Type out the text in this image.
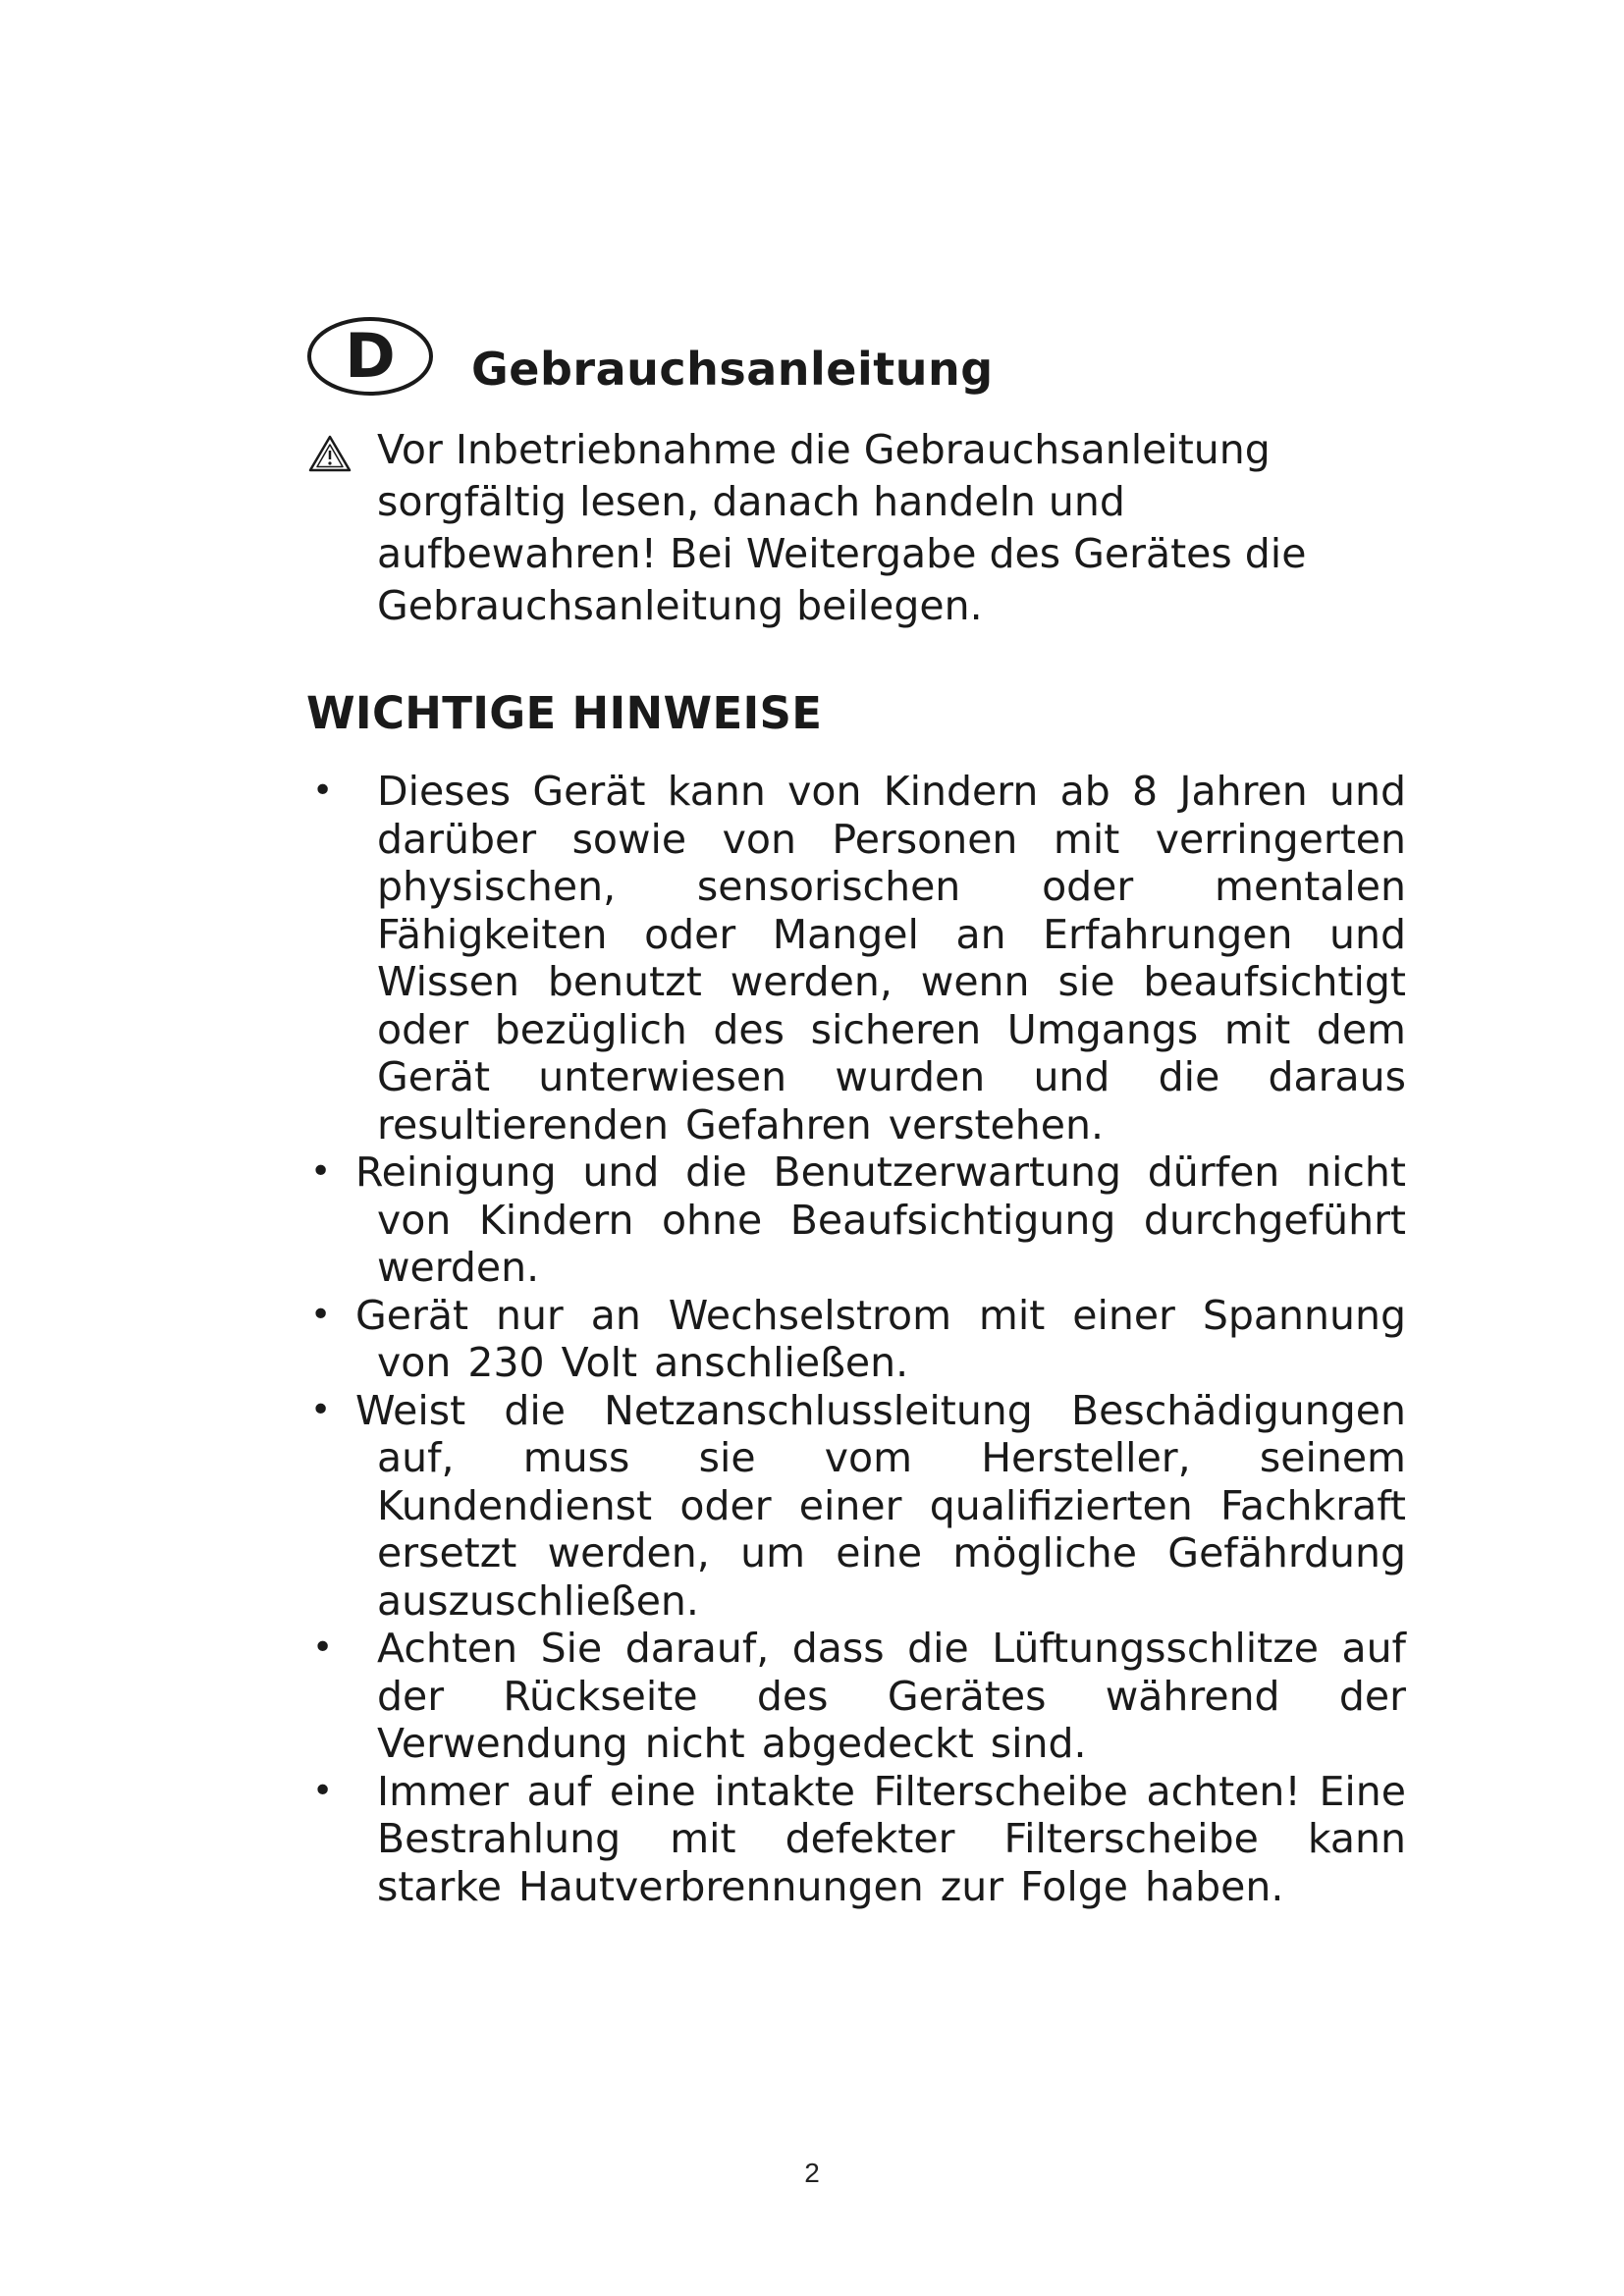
D	Gebrauchsanleitung
Vor Inbetriebnahme die Gebrauchsanleitung sorgfältig lesen, danach handeln und aufbewahren! Bei Weitergabe des Gerätes die Gebrauchsanleitung beilegen.
WICHTIGE HINWEISE
• Dieses Gerät kann von Kindern ab 8 Jahren und darüber sowie von Personen mit verringerten physischen, sensorischen oder mentalen Fähigkeiten oder Mangel an Erfahrungen und Wissen benutzt werden, wenn sie beaufsichtigt oder bezüglich des sicheren Umgangs mit dem Gerät unterwiesen wurden und die daraus resultierenden Gefahren verstehen.
• Reinigung und die Benutzerwartung dürfen nicht von Kindern ohne Beaufsichtigung durchgeführt werden.
• Gerät nur an Wechselstrom mit einer Spannung von 230 Volt anschließen.
• Weist die Netzanschlussleitung Beschädigungen auf, muss sie vom Hersteller, seinem Kundendienst oder einer qualifizierten Fachkraft ersetzt werden, um eine mögliche Gefährdung auszuschließen.
• Achten Sie darauf, dass die Lüftungsschlitze auf der Rückseite des Gerätes während der Verwendung nicht abgedeckt sind.
• Immer auf eine intakte Filterscheibe achten! Eine Bestrahlung mit defekter Filterscheibe kann starke Hautverbrennungen zur Folge haben.
2
